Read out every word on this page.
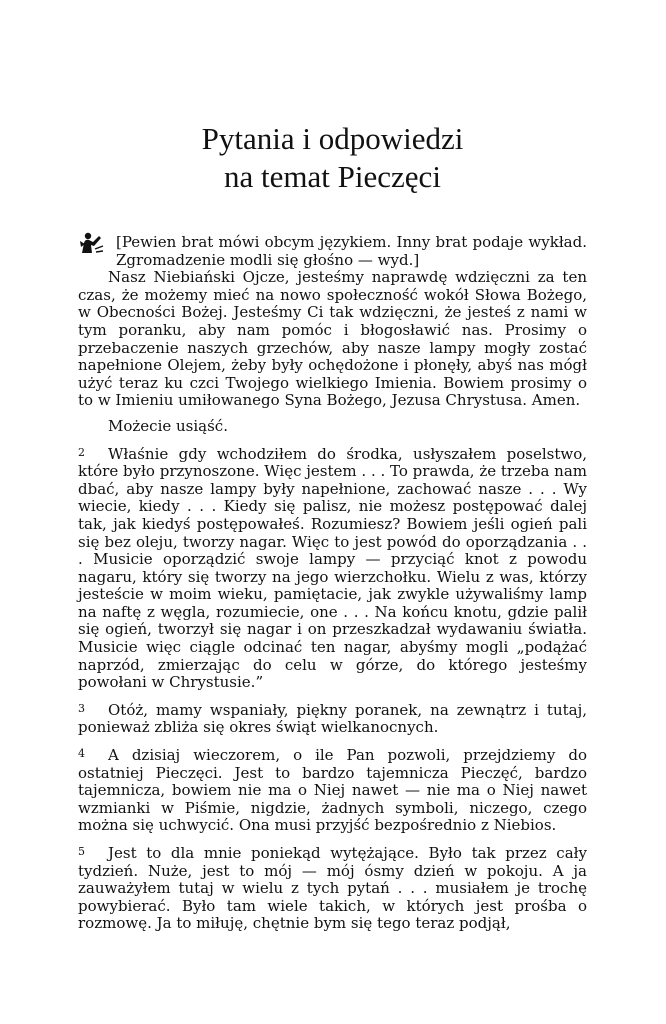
Pytania i odpowiedzi
na temat Pieczęci

[Pewien brat mówi obcym językiem. Inny brat podaje wykład. Zgromadzenie modli się głośno — wyd.]

Nasz Niebiański Ojcze, jesteśmy naprawdę wdzięczni za ten czas, że możemy mieć na nowo społeczność wokół Słowa Bożego, w Obecności Bożej. Jesteśmy Ci tak wdzięczni, że jesteś z nami w tym poranku, aby nam pomóc i błogosławić nas. Prosimy o przebaczenie naszych grzechów, aby nasze lampy mogły zostać napełnione Olejem, żeby były ochędożone i płonęły, abyś nas mógł użyć teraz ku czci Twojego wielkiego Imienia. Bowiem prosimy o to w Imieniu umiłowanego Syna Bożego, Jezusa Chrystusa. Amen.

Możecie usiąść.

2 Właśnie gdy wchodziłem do środka, usłyszałem poselstwo, które było przynoszone. Więc jestem . . . To prawda, że trzeba nam dbać, aby nasze lampy były napełnione, zachować nasze . . . Wy wiecie, kiedy . . . Kiedy się palisz, nie możesz postępować dalej tak, jak kiedyś postępowałeś. Rozumiesz? Bowiem jeśli ogień pali się bez oleju, tworzy nagar. Więc to jest powód do oporządzania . . . Musicie oporządzić swoje lampy — przyciąć knot z powodu nagaru, który się tworzy na jego wierzchołku. Wielu z was, którzy jesteście w moim wieku, pamiętacie, jak zwykle używaliśmy lamp na naftę z węgla, rozumiecie, one . . . Na końcu knotu, gdzie palił się ogień, tworzył się nagar i on przeszkadzał wydawaniu światła. Musicie więc ciągle odcinać ten nagar, abyśmy mogli „podążać naprzód, zmierzając do celu w górze, do którego jesteśmy powołani w Chrystusie.”

3 Otóż, mamy wspaniały, piękny poranek, na zewnątrz i tutaj, ponieważ zbliża się okres świąt wielkanocnych.

4 A dzisiaj wieczorem, o ile Pan pozwoli, przejdziemy do ostatniej Pieczęci. Jest to bardzo tajemnicza Pieczęć, bardzo tajemnicza, bowiem nie ma o Niej nawet — nie ma o Niej nawet wzmianki w Piśmie, nigdzie, żadnych symboli, niczego, czego można się uchwycić. Ona musi przyjść bezpośrednio z Niebios.

5 Jest to dla mnie poniekąd wytężające. Było tak przez cały tydzień. Nuże, jest to mój — mój ósmy dzień w pokoju. A ja zauważyłem tutaj w wielu z tych pytań . . . musiałem je trochę powybierać. Było tam wiele takich, w których jest prośba o rozmowę. Ja to miłuję, chętnie bym się tego teraz podjął,
